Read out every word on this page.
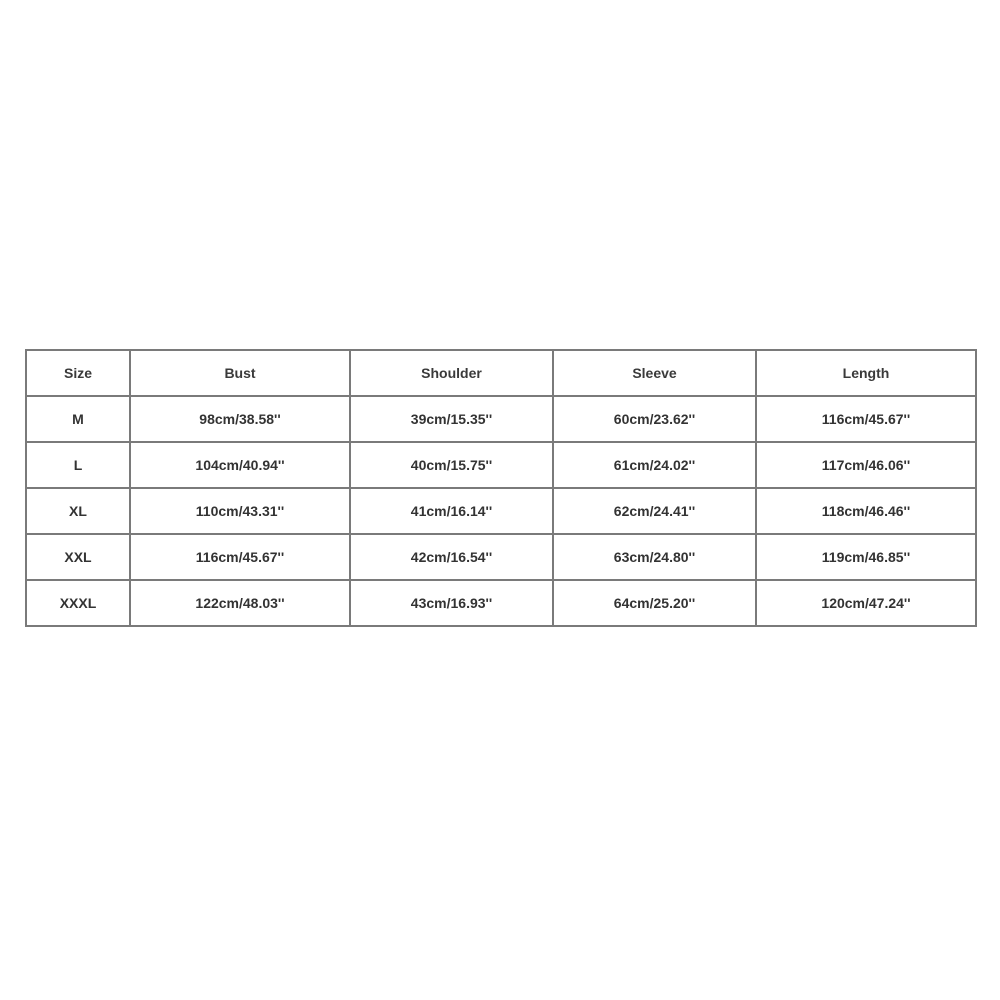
Size	Bust	Shoulder	Sleeve	Length
M	98cm/38.58''	39cm/15.35''	60cm/23.62''	116cm/45.67''
L	104cm/40.94''	40cm/15.75''	61cm/24.02''	117cm/46.06''
XL	110cm/43.31''	41cm/16.14''	62cm/24.41''	118cm/46.46''
XXL	116cm/45.67''	42cm/16.54''	63cm/24.80''	119cm/46.85''
XXXL	122cm/48.03''	43cm/16.93''	64cm/25.20''	120cm/47.24''
